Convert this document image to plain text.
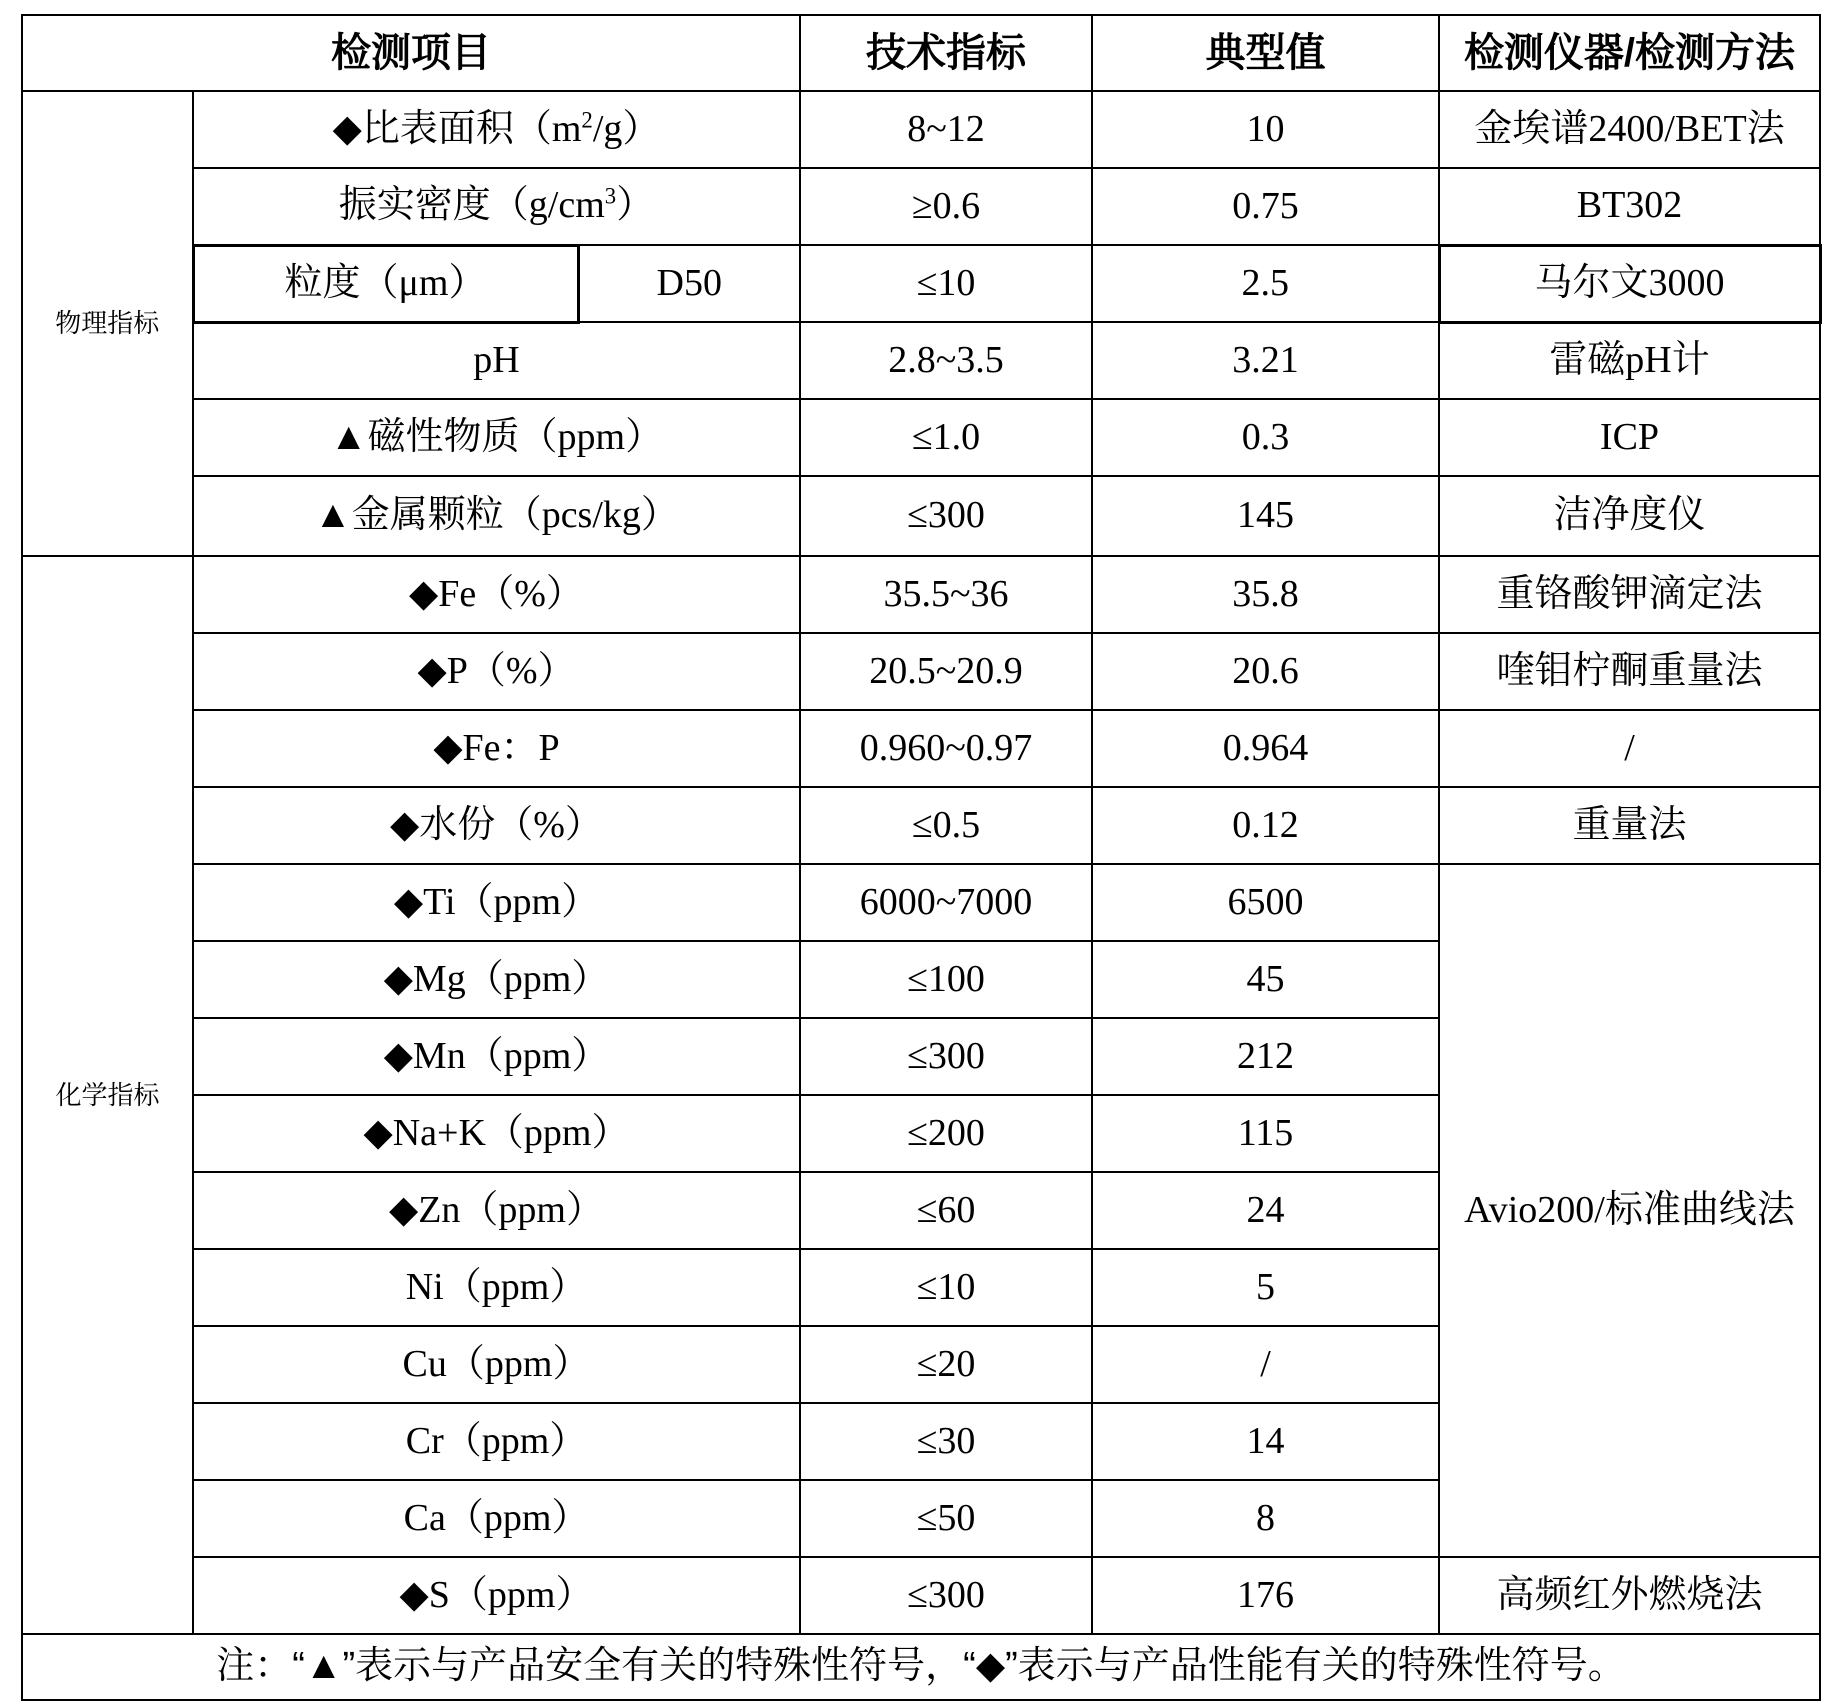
检测项目			技术指标	典型值	检测仪器/检测方法
物理指标	◆比表面积$(m^2/g)$		8~12	10	金埃谱2400/BET法
	振实密度$(g/cm^3)$		≥0.6	0.75	BT302
	粒度（μm）	D50	≤10	2.5	马尔文3000
	pH		2.8~3.5	3.21	雷磁pH计
	▲磁性物质（ppm）		≤1.0	0.3	ICP
	▲金属颗粒（pcs/kg）		≤300	145	洁净度仪
化学指标	◆Fe（%）		35.5~36	35.8	重铬酸钾滴定法
	◆P（%）		20.5~20.9	20.6	喹钼柠酮重量法
	◆Fe：P		0.960~0.97	0.964	/
	◆水份（%）		≤0.5	0.12	重量法
	◆Ti（ppm）		6000~7000	6500	Avio200/标准曲线法
	◆Mg（ppm）		≤100	45	
	◆Mn（ppm）		≤300	212	
	◆Na+K（ppm）		≤200	115	
	◆Zn（ppm）		≤60	24	
	Ni（ppm）		≤10	5	
	Cu（ppm）		≤20	/	
	Cr（ppm）		≤30	14	
	Ca（ppm）		≤50	8	
	◆S（ppm）		≤300	176	高频红外燃烧法
注：“▲”表示与产品安全有关的特殊性符号，“◆”表示与产品性能有关的特殊性符号。					
